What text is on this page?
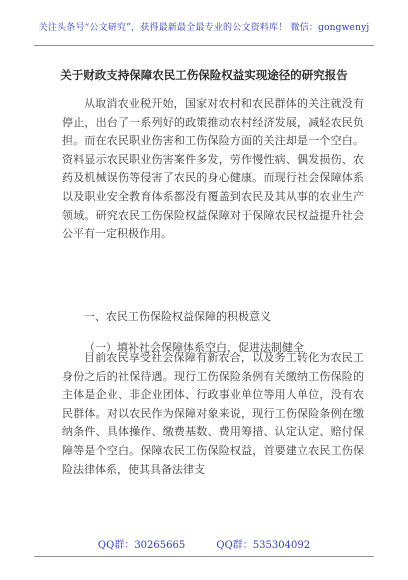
关注头条号“公文研究”，获得最新最全最专业的公文资料库！ 微信：gongwenyj
关于财政支持保障农民工伤保险权益实现途径的研究报告
从取消农业税开始，国家对农村和农民群体的关注就没有停止，出台了一系列好的政策推动农村经济发展，减轻农民负担。而在农民职业伤害和工伤保险方面的关注却是一个空白。资料显示农民职业伤害案件多发，劳作慢性病、偶发损伤、农药及机械误伤等侵害了农民的身心健康。而现行社会保障体系以及职业安全教育体系都没有覆盖到农民及其从事的农业生产领域。研究农民工伤保险权益保障对于保障农民权益提升社会公平有一定积极作用。
一、农民工伤保险权益保障的积极意义
（一）填补社会保障体系空白，促进法制健全
目前农民享受社会保障有新农合，以及务工转化为农民工身份之后的社保待遇。现行工伤保险条例有关缴纳工伤保险的主体是企业、非企业团体、行政事业单位等用人单位，没有农民群体。对以农民作为保障对象来说，现行工伤保险条例在缴纳条件、具体操作、缴费基数、费用筹措、认定认定、赔付保障等是个空白。保障农民工伤保险权益，首要建立农民工伤保险法律体系，使其具备法律支
QQ群：30265665	QQ群：535304092
